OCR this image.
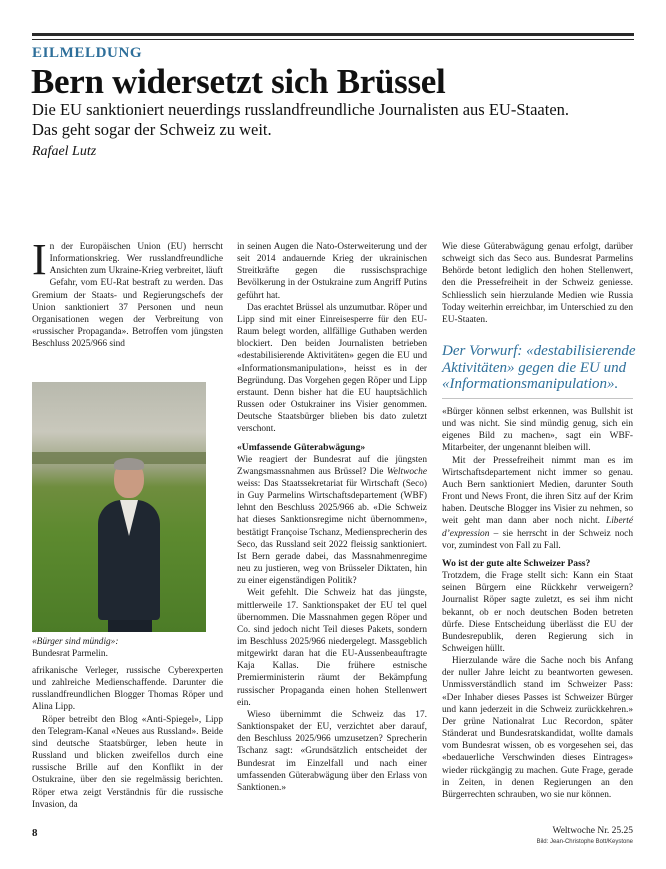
EILMELDUNG
Bern widersetzt sich Brüssel
Die EU sanktioniert neuerdings russlandfreundliche Journalisten aus EU-Staaten. Das geht sogar der Schweiz zu weit.
Rafael Lutz

In der Europäischen Union (EU) herrscht Informationskrieg. Wer russlandfreundliche Ansichten zum Ukraine-Krieg verbreitet, läuft Gefahr, vom EU-Rat bestraft zu werden. Das Gremium der Staats- und Regierungschefs der Union sanktioniert 37 Personen und neun Organisationen wegen der Verbreitung von «russischer Propaganda». Betroffen vom jüngsten Beschluss 2025/966 sind

«Bürger sind mündig»:
Bundesrat Parmelin.

afrikanische Verleger, russische Cyberexperten und zahlreiche Medienschaffende. Darunter die russlandfreundlichen Blogger Thomas Röper und Alina Lipp.

Röper betreibt den Blog «Anti-Spiegel», Lipp den Telegram-Kanal «Neues aus Russland». Beide sind deutsche Staatsbürger, leben heute in Russland und blicken zweifellos durch eine russische Brille auf den Konflikt in der Ostukraine, über den sie regelmässig berichten. Röper etwa zeigt Verständnis für die russische Invasion, da

in seinen Augen die Nato-Osterweiterung und der seit 2014 andauernde Krieg der ukrainischen Streitkräfte gegen die russischsprachige Bevölkerung in der Ostukraine zum Angriff Putins geführt hat.

Das erachtet Brüssel als unzumutbar. Röper und Lipp sind mit einer Einreisesperre für den EU-Raum belegt worden, allfällige Guthaben werden blockiert. Den beiden Journalisten betrieben «destabilisierende Aktivitäten» gegen die EU und «Informationsmanipulation», heisst es in der Begründung. Das Vorgehen gegen Röper und Lipp erstaunt. Denn bisher hat die EU hauptsächlich Russen oder Ostukrainer ins Visier genommen. Deutsche Staatsbürger blieben bis dato zuletzt verschont.

«Umfassende Güterabwägung»

Wie reagiert der Bundesrat auf die jüngsten Zwangsmassnahmen aus Brüssel? Die Weltwoche weiss: Das Staatssekretariat für Wirtschaft (Seco) in Guy Parmelins Wirtschaftsdepartement (WBF) lehnt den Beschluss 2025/966 ab. «Die Schweiz hat dieses Sanktionsregime nicht übernommen», bestätigt Françoise Tschanz, Mediensprecherin des Seco, das Russland seit 2022 fleissig sanktioniert. Ist Bern gerade dabei, das Massnahmenregime neu zu justieren, weg von Brüsseler Diktaten, hin zu einer eigenständigen Politik?

Weit gefehlt. Die Schweiz hat das jüngste, mittlerweile 17. Sanktionspaket der EU tel quel übernommen. Die Massnahmen gegen Röper und Co. sind jedoch nicht Teil dieses Pakets, sondern im Beschluss 2025/966 niedergelegt. Massgeblich mitgewirkt daran hat die EU-Aussenbeauftragte Kaja Kallas. Die frühere estnische Premierministerin räumt der Bekämpfung russischer Propaganda einen hohen Stellenwert ein.

Wieso übernimmt die Schweiz das 17. Sanktionspaket der EU, verzichtet aber darauf, den Beschluss 2025/966 umzusetzen? Sprecherin Tschanz sagt: «Grundsätzlich entscheidet der Bundesrat im Einzelfall und nach einer umfassenden Güterabwägung über den Erlass von Sanktionen.»

Wie diese Güterabwägung genau erfolgt, darüber schweigt sich das Seco aus. Bundesrat Parmelins Behörde betont lediglich den hohen Stellenwert, den die Pressefreiheit in der Schweiz geniesse. Schliesslich sein hierzulande Medien wie Russia Today weiterhin erreichbar, im Unterschied zu den EU-Staaten.

Der Vorwurf: «destabilisierende Aktivitäten» gegen die EU und «Informationsmanipulation».

«Bürger können selbst erkennen, was Bullshit ist und was nicht. Sie sind mündig genug, sich ein eigenes Bild zu machen», sagt ein WBF-Mitarbeiter, der ungenannt bleiben will.

Mit der Pressefreiheit nimmt man es im Wirtschaftsdepartement nicht immer so genau. Auch Bern sanktioniert Medien, darunter South Front und News Front, die ihren Sitz auf der Krim haben. Deutsche Blogger ins Visier zu nehmen, so weit geht man dann aber noch nicht. Liberté d’expression – sie herrscht in der Schweiz noch vor, zumindest von Fall zu Fall.

Wo ist der gute alte Schweizer Pass?

Trotzdem, die Frage stellt sich: Kann ein Staat seinen Bürgern eine Rückkehr verweigern? Journalist Röper sagte zuletzt, es sei ihm nicht bekannt, ob er noch deutschen Boden betreten dürfe. Diese Entscheidung überlässt die EU der Bundesrepublik, deren Regierung sich in Schweigen hüllt.

Hierzulande wäre die Sache noch bis Anfang der nuller Jahre leicht zu beantworten gewesen. Unmissverständlich stand im Schweizer Pass: «Der Inhaber dieses Passes ist Schweizer Bürger und kann jederzeit in die Schweiz zurückkehren.» Der grüne Nationalrat Luc Recordon, später Ständerat und Bundesratskandidat, wollte damals vom Bundesrat wissen, ob es vorgesehen sei, das «bedauerliche Verschwinden dieses Eintrages» wieder rückgängig zu machen. Gute Frage, gerade in Zeiten, in denen Regierungen an den Bürgerrechten schrauben, wo sie nur können.

8	Weltwoche Nr. 25.25
Bild: Jean-Christophe Bott/Keystone
